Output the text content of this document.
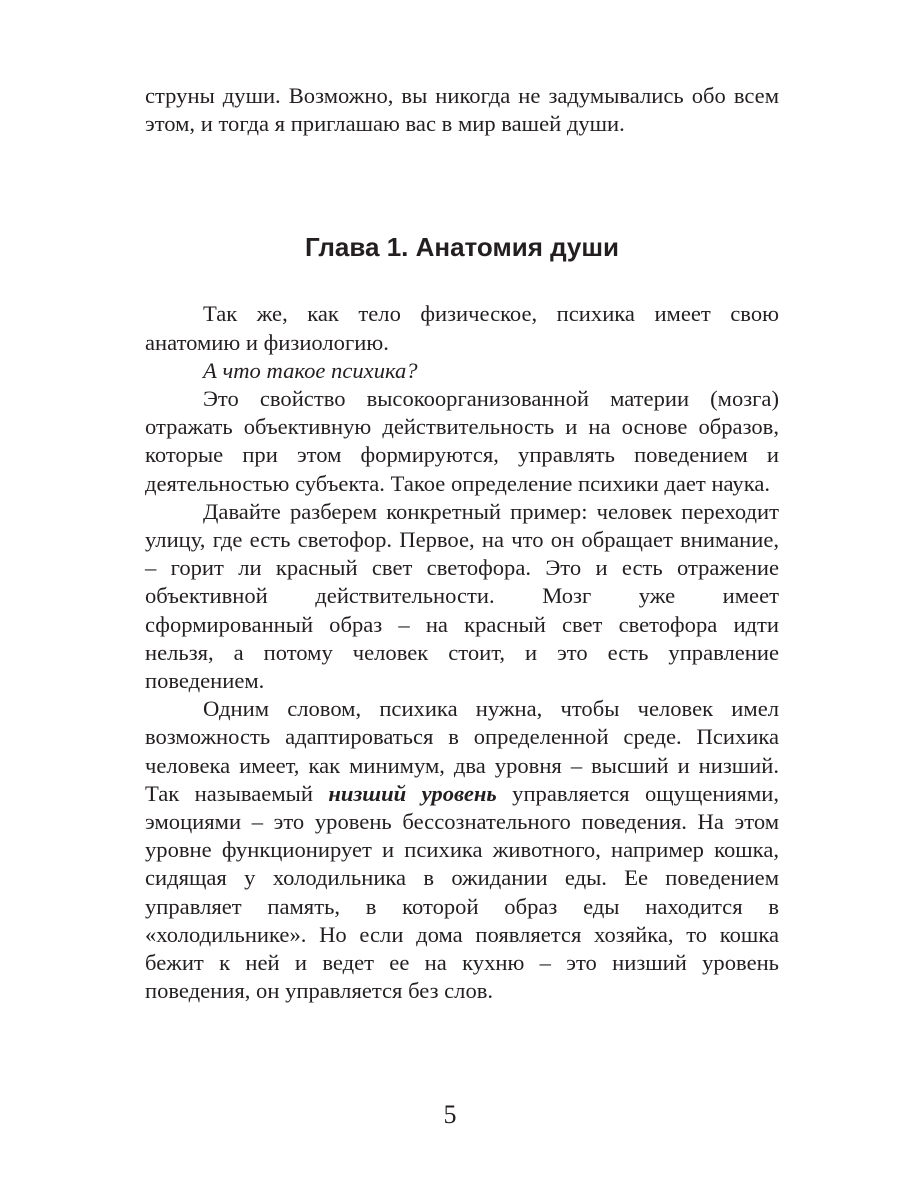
струны души. Возможно, вы никогда не задумывались обо всем этом, и тогда я приглашаю вас в мир вашей души.

Глава 1. Анатомия души

Так же, как тело физическое, психика имеет свою анатомию и физиологию.

А что такое психика?

Это свойство высокоорганизованной материи (мозга) отражать объективную действительность и на основе образов, которые при этом формируются, управлять поведением и деятельностью субъекта. Такое определение психики дает наука.

Давайте разберем конкретный пример: человек переходит улицу, где есть светофор. Первое, на что он обращает внимание, – горит ли красный свет светофора. Это и есть отражение объективной действительности. Мозг уже имеет сформированный образ – на красный свет светофора идти нельзя, а потому человек стоит, и это есть управление поведением.

Одним словом, психика нужна, чтобы человек имел возможность адаптироваться в определенной среде. Психика человека имеет, как минимум, два уровня – высший и низший. Так называемый низший уровень управляется ощущениями, эмоциями – это уровень бессознательного поведения. На этом уровне функционирует и психика животного, например кошка, сидящая у холодильника в ожидании еды. Ее поведением управляет память, в которой образ еды находится в «холодильнике». Но если дома появляется хозяйка, то кошка бежит к ней и ведет ее на кухню – это низший уровень поведения, он управляется без слов.

5
